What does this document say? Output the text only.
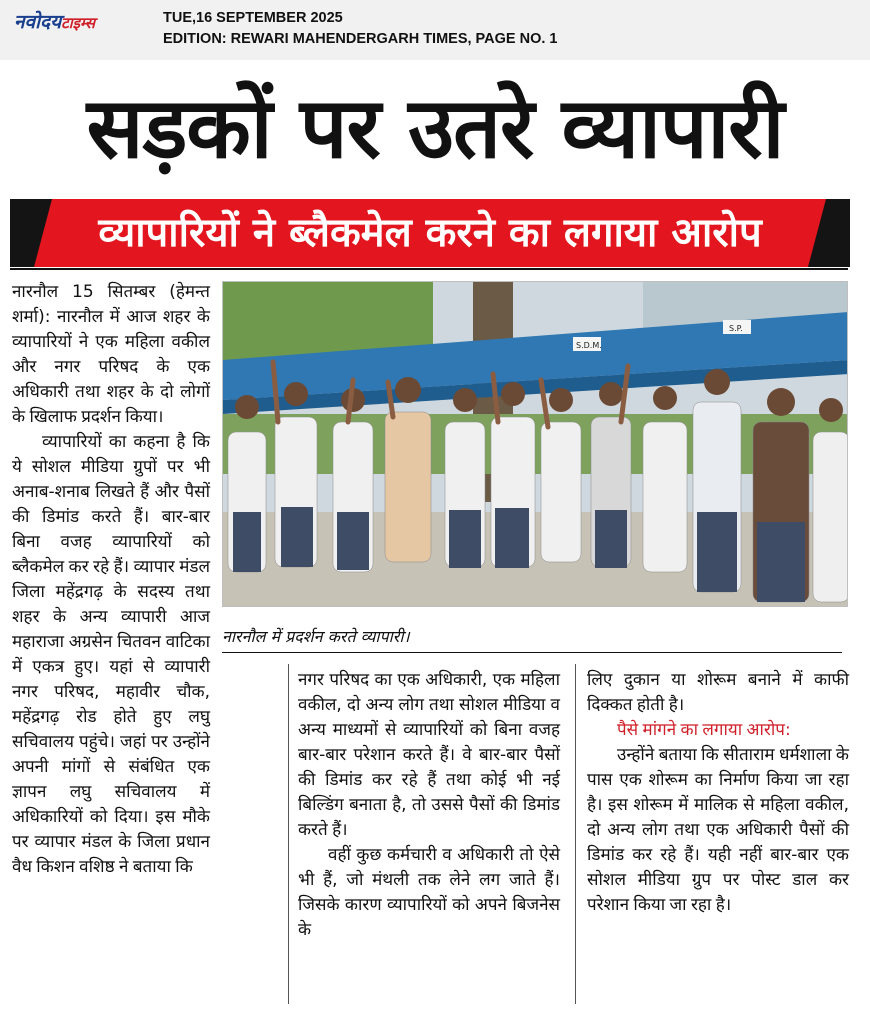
नवोदयटाइम्स	TUE,16 SEPTEMBER 2025
EDITION: REWARI MAHENDERGARH TIMES, PAGE NO. 1
सड़कों पर उतरे व्यापारी
व्यापारियों ने ब्लैकमेल करने का लगाया आरोप

नारनौल 15 सितम्बर (हेमन्त शर्मा): नारनौल में आज शहर के व्यापारियों ने एक महिला वकील और नगर परिषद के एक अधिकारी तथा शहर के दो लोगों के खिलाफ प्रदर्शन किया।

व्यापारियों का कहना है कि ये सोशल मीडिया ग्रुपों पर भी अनाब-शनाब लिखते हैं और पैसों की डिमांड करते हैं। बार-बार बिना वजह व्यापारियों को ब्लैकमेल कर रहे हैं। व्यापार मंडल जिला महेंद्रगढ़ के सदस्य तथा शहर के अन्य व्यापारी आज महाराजा अग्रसेन चितवन वाटिका में एकत्र हुए। यहां से व्यापारी नगर परिषद, महावीर चौक, महेंद्रगढ़ रोड होते हुए लघु सचिवालय पहुंचे। जहां पर उन्होंने अपनी मांगों से संबंधित एक ज्ञापन लघु सचिवालय में अधिकारियों को दिया। इस मौके पर व्यापार मंडल के जिला प्रधान वैध किशन वशिष्ठ ने बताया कि

S.D.M.
S.P.
नारनौल में प्रदर्शन करते व्यापारी।

नगर परिषद का एक अधिकारी, एक महिला वकील, दो अन्य लोग तथा सोशल मीडिया व अन्य माध्यमों से व्यापारियों को बिना वजह बार-बार परेशान करते हैं। वे बार-बार पैसों की डिमांड कर रहे हैं तथा कोई भी नई बिल्डिंग बनाता है, तो उससे पैसों की डिमांड करते हैं।

वहीं कुछ कर्मचारी व अधिकारी तो ऐसे भी हैं, जो मंथली तक लेने लग जाते हैं। जिसके कारण व्यापारियों को अपने बिजनेस के

लिए दुकान या शोरूम बनाने में काफी दिक्कत होती है।

पैसे मांगने का लगाया आरोप:

उन्होंने बताया कि सीताराम धर्मशाला के पास एक शोरूम का निर्माण किया जा रहा है। इस शोरूम में मालिक से महिला वकील, दो अन्य लोग तथा एक अधिकारी पैसों की डिमांड कर रहे हैं। यही नहीं बार-बार एक सोशल मीडिया ग्रुप पर पोस्ट डाल कर परेशान किया जा रहा है।
